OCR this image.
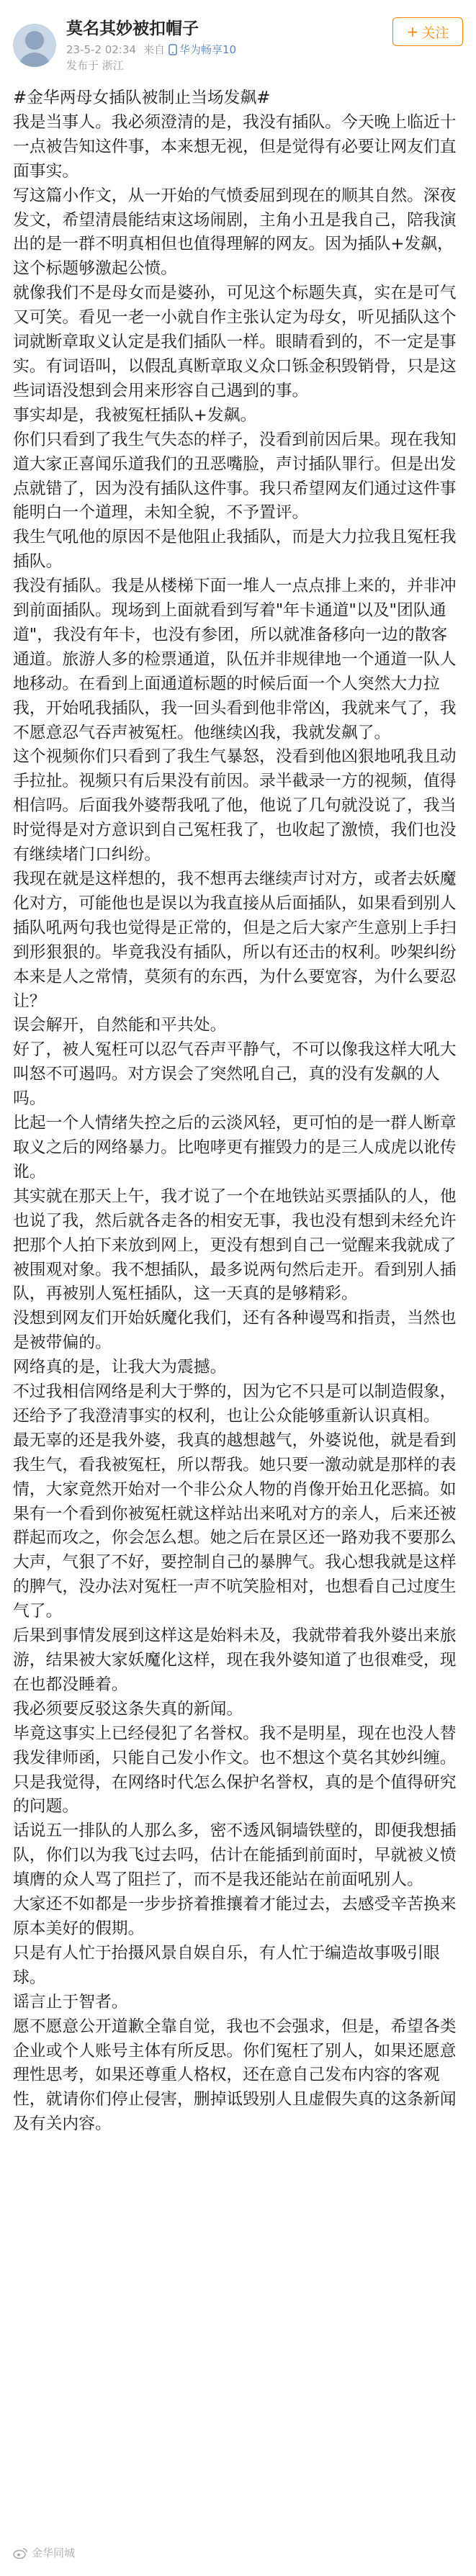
莫名其妙被扣帽子
23-5-2 02:34 来自 华为畅享10
发布于 浙江
+ 关注

#金华两母女插队被制止当场发飙#

我是当事人。我必须澄清的是，我没有插队。今天晚上临近十一点被告知这件事，本来想无视，但是觉得有必要让网友们直面事实。

写这篇小作文，从一开始的气愤委屈到现在的顺其自然。深夜发文，希望清晨能结束这场闹剧，主角小丑是我自己，陪我演出的是一群不明真相但也值得理解的网友。因为插队+发飙，这个标题够激起公愤。

就像我们不是母女而是婆孙，可见这个标题失真，实在是可气又可笑。看见一老一小就自作主张认定为母女，听见插队这个词就断章取义认定是我们插队一样。眼睛看到的，不一定是事实。有词语叫，以假乱真断章取义众口铄金积毁销骨，只是这些词语没想到会用来形容自己遇到的事。

事实却是，我被冤枉插队+发飙。

你们只看到了我生气失态的样子，没看到前因后果。现在我知道大家正喜闻乐道我们的丑恶嘴脸，声讨插队罪行。但是出发点就错了，因为没有插队这件事。我只希望网友们通过这件事能明白一个道理，未知全貌，不予置评。

我生气吼他的原因不是他阻止我插队，而是大力拉我且冤枉我插队。

我没有插队。我是从楼梯下面一堆人一点点排上来的，并非冲到前面插队。现场到上面就看到写着"年卡通道"以及"团队通道"，我没有年卡，也没有参团，所以就准备移向一边的散客通道。旅游人多的检票通道，队伍并非规律地一个通道一队人地移动。在看到上面通道标题的时候后面一个人突然大力拉我，开始吼我插队，我一回头看到他非常凶，我就来气了，我不愿意忍气吞声被冤枉。他继续凶我，我就发飙了。

这个视频你们只看到了我生气暴怒，没看到他凶狠地吼我且动手拉扯。视频只有后果没有前因。录半截录一方的视频，值得相信吗。后面我外婆帮我吼了他，他说了几句就没说了，我当时觉得是对方意识到自己冤枉我了，也收起了激愤，我们也没有继续堵门口纠纷。

我现在就是这样想的，我不想再去继续声讨对方，或者去妖魔化对方，可能他也是误以为我直接从后面插队，如果看到别人插队吼两句我也觉得是正常的，但是之后大家产生意别上手扫到形狠狠的。毕竟我没有插队，所以有还击的权利。吵架纠纷本来是人之常情，莫须有的东西，为什么要宽容，为什么要忍让？

误会解开，自然能和平共处。

好了，被人冤枉可以忍气吞声平静气，不可以像我这样大吼大叫怒不可遏吗。对方误会了突然吼自己，真的没有发飙的人吗。

比起一个人情绪失控之后的云淡风轻，更可怕的是一群人断章取义之后的网络暴力。比咆哮更有摧毁力的是三人成虎以讹传讹。

其实就在那天上午，我才说了一个在地铁站买票插队的人，他也说了我，然后就各走各的相安无事，我也没有想到未经允许把那个人拍下来放到网上，更没有想到自己一觉醒来我就成了被围观对象。我不想插队，最多说两句然后走开。看到别人插队，再被别人冤枉插队，这一天真的是够精彩。

没想到网友们开始妖魔化我们，还有各种谩骂和指责，当然也是被带偏的。

网络真的是，让我大为震撼。

不过我相信网络是利大于弊的，因为它不只是可以制造假象，还给予了我澄清事实的权利，也让公众能够重新认识真相。

最无辜的还是我外婆，我真的越想越气，外婆说他，就是看到我生气，看我被冤枉，所以帮我。她只要一激动就是那样的表情，大家竟然开始对一个非公众人物的肖像开始丑化恶搞。如果有一个看到你被冤枉就这样站出来吼对方的亲人，后来还被群起而攻之，你会怎么想。她之后在景区还一路劝我不要那么大声，气狠了不好，要控制自己的暴脾气。我心想我就是这样的脾气，没办法对冤枉一声不吭笑脸相对，也想看自己过度生气了。

后果到事情发展到这样这是始料未及，我就带着我外婆出来旅游，结果被大家妖魔化这样，现在我外婆知道了也很难受，现在也都没睡着。

我必须要反驳这条失真的新闻。

毕竟这事实上已经侵犯了名誉权。我不是明星，现在也没人替我发律师函，只能自己发小作文。也不想这个莫名其妙纠缠。只是我觉得，在网络时代怎么保护名誉权，真的是个值得研究的问题。

话说五一排队的人那么多，密不透风铜墙铁壁的，即便我想插队，你们以为我飞过去吗，估计在能插到前面时，早就被义愤填膺的众人骂了阻拦了，而不是我还能站在前面吼别人。

大家还不如都是一步步挤着推攘着才能过去，去感受辛苦换来原本美好的假期。

只是有人忙于抬摄风景自娱自乐，有人忙于编造故事吸引眼球。

谣言止于智者。

愿不愿意公开道歉全靠自觉，我也不会强求，但是，希望各类企业或个人账号主体有所反思。你们冤枉了别人，如果还愿意理性思考，如果还尊重人格权，还在意自己发布内容的客观性，就请你们停止侵害，删掉诋毁别人且虚假失真的这条新闻及有关内容。

金华同城
